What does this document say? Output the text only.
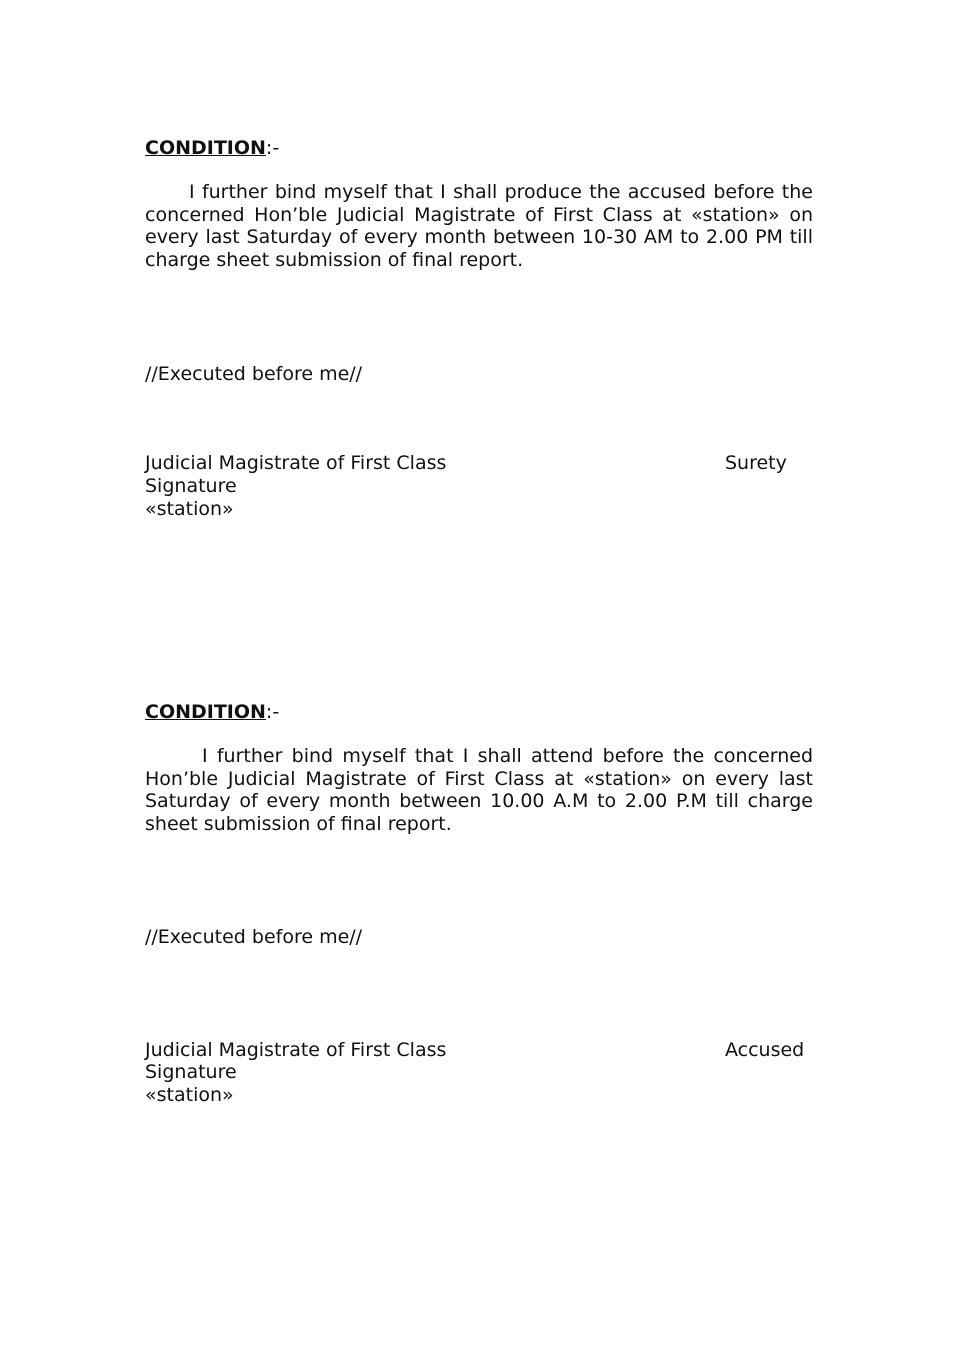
CONDITION:-
I further bind myself that I shall produce the accused before the concerned Hon’ble Judicial Magistrate of First Class at «station» on every last Saturday of every month between 10-30 AM to 2.00 PM till charge sheet submission of final report.
//Executed before me//
Judicial Magistrate of First Class	Surety
Signature
«station»
CONDITION:-
I further bind myself that I shall attend before the concerned Hon’ble Judicial Magistrate of First Class at «station» on every last Saturday of every month between 10.00 A.M to 2.00 P.M till charge sheet submission of final report.
//Executed before me//
Judicial Magistrate of First Class	Accused
Signature
«station»
